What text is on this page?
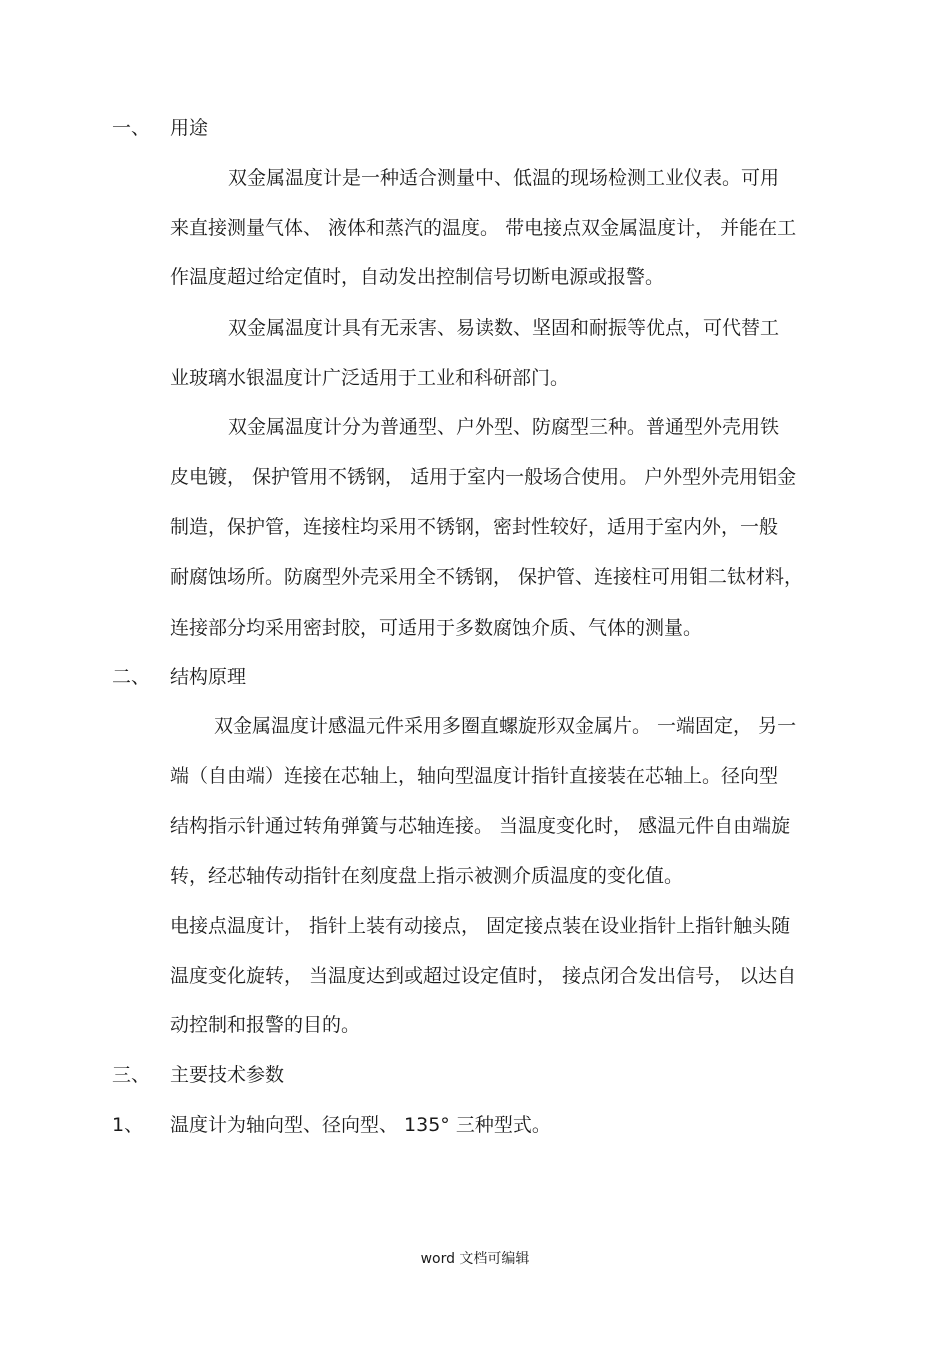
一、 用途

双金属温度计是一种适合测量中、低温的现场检测工业仪表。可用

来直接测量气体、 液体和蒸汽的温度。 带电接点双金属温度计， 并能在工

作温度超过给定值时，自动发出控制信号切断电源或报警。

双金属温度计具有无汞害、易读数、坚固和耐振等优点，可代替工

业玻璃水银温度计广泛适用于工业和科研部门。

双金属温度计分为普通型、户外型、防腐型三种。普通型外壳用铁

皮电镀， 保护管用不锈钢， 适用于室内一般场合使用。 户外型外壳用铝金

制造，保护管，连接柱均采用不锈钢，密封性较好，适用于室内外，一般

耐腐蚀场所。防腐型外壳采用全不锈钢， 保护管、连接柱可用钼二钛材料，

连接部分均采用密封胶，可适用于多数腐蚀介质、气体的测量。

二、 结构原理

双金属温度计感温元件采用多圈直螺旋形双金属片。 一端固定， 另一

端（自由端）连接在芯轴上，轴向型温度计指针直接装在芯轴上。径向型

结构指示针通过转角弹簧与芯轴连接。 当温度变化时， 感温元件自由端旋

转，经芯轴传动指针在刻度盘上指示被测介质温度的变化值。

电接点温度计， 指针上装有动接点， 固定接点装在设业指针上指针触头随

温度变化旋转， 当温度达到或超过设定值时， 接点闭合发出信号， 以达自

动控制和报警的目的。

三、 主要技术参数
1、 温度计为轴向型、径向型、 135° 三种型式。
word 文档可编辑
